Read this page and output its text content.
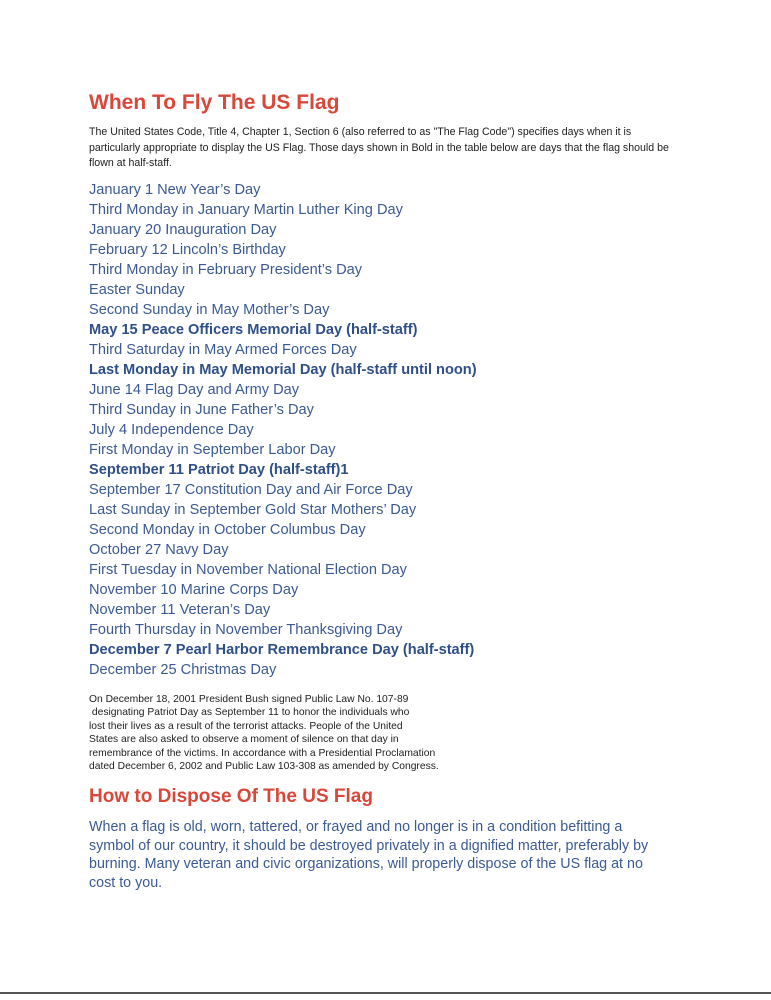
When To Fly The US Flag

The United States Code, Title 4, Chapter 1, Section 6 (also referred to as "The Flag Code") specifies days when it is particularly appropriate to display the US Flag. Those days shown in Bold in the table below are days that the flag should be flown at half-staff.

January 1 New Year’s Day
Third Monday in January Martin Luther King Day
January 20 Inauguration Day
February 12 Lincoln’s Birthday
Third Monday in February President’s Day
Easter Sunday
Second Sunday in May Mother’s Day
May 15 Peace Officers Memorial Day (half-staff)
Third Saturday in May Armed Forces Day
Last Monday in May Memorial Day (half-staff until noon)
June 14 Flag Day and Army Day
Third Sunday in June Father’s Day
July 4 Independence Day
First Monday in September Labor Day
September 11 Patriot Day (half-staff)1
September 17 Constitution Day and Air Force Day
Last Sunday in September Gold Star Mothers’ Day
Second Monday in October Columbus Day
October 27 Navy Day
First Tuesday in November National Election Day
November 10 Marine Corps Day
November 11 Veteran’s Day
Fourth Thursday in November Thanksgiving Day
December 7 Pearl Harbor Remembrance Day (half-staff)
December 25 Christmas Day
On December 18, 2001 President Bush signed Public Law No. 107-89
designating Patriot Day as September 11 to honor the individuals who
lost their lives as a result of the terrorist attacks. People of the United
States are also asked to observe a moment of silence on that day in
remembrance of the victims. In accordance with a Presidential Proclamation
dated December 6, 2002 and Public Law 103-308 as amended by Congress.
How to Dispose Of The US Flag

When a flag is old, worn, tattered, or frayed and no longer is in a condition befitting a symbol of our country, it should be destroyed privately in a dignified matter, preferably by burning. Many veteran and civic organizations, will properly dispose of the US flag at no cost to you.
